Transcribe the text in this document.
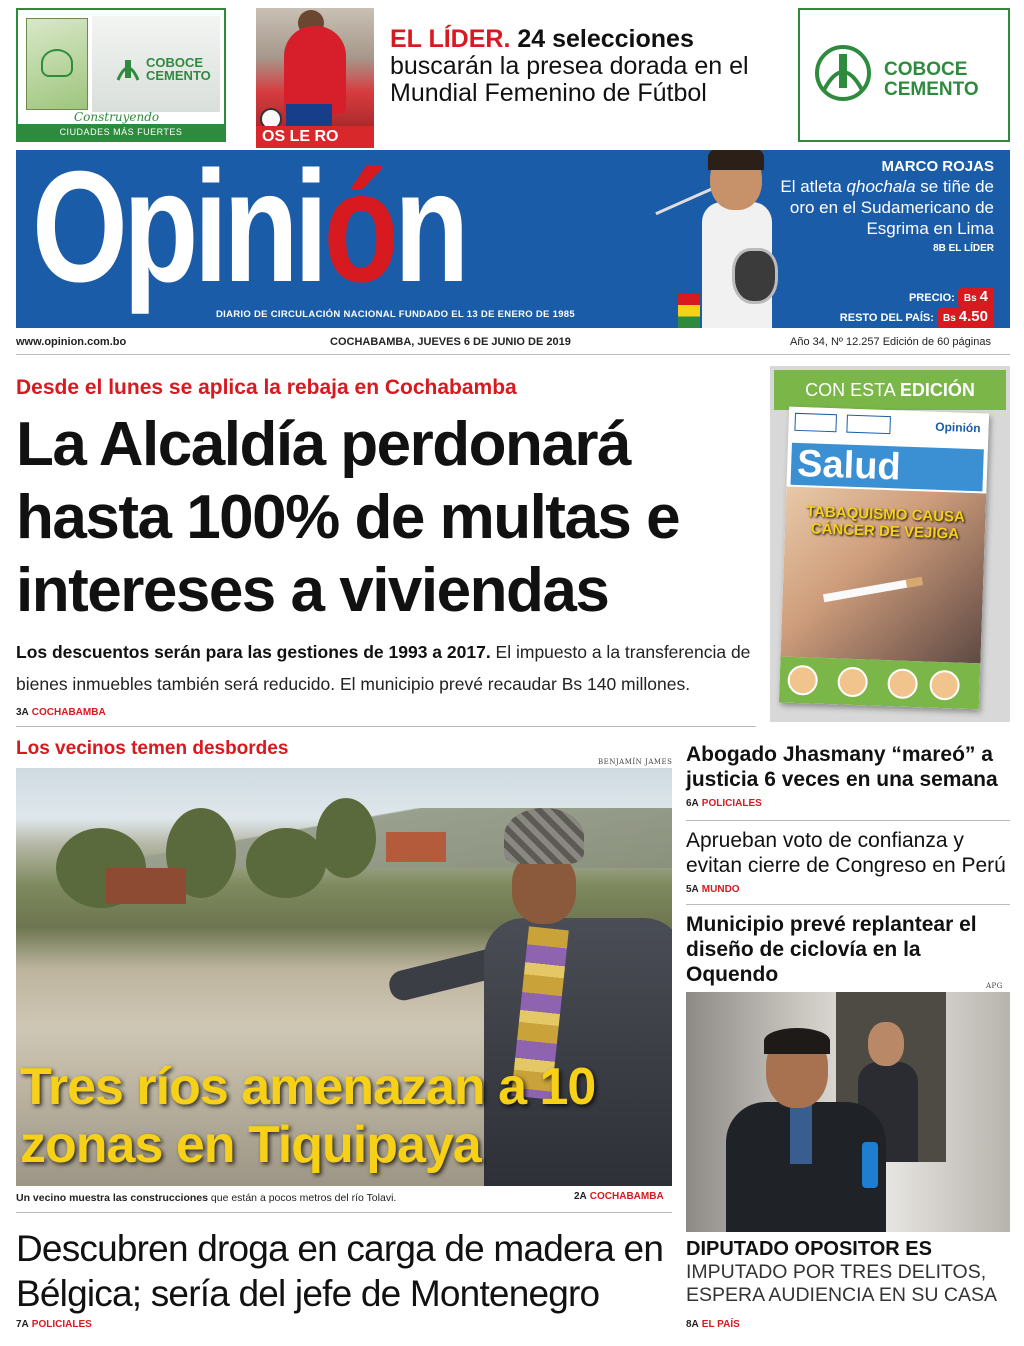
COBOCE
CEMENTO
Construyendo
CIUDADES MÁS FUERTES	OS LE RO
EL LÍDER. 24 selecciones buscarán la presea dorada en el Mundial Femenino de Fútbol
COBOCE
CEMENTO
Opinión
DIARIO DE CIRCULACIÓN NACIONAL FUNDADO EL 13 DE ENERO DE 1985
MARCO ROJAS
El atleta qhochala se tiñe de oro en el Sudamericano de Esgrima en Lima
8B EL LÍDER
PRECIO: Bs 4
RESTO DEL PAÍS: Bs 4.50
www.opinion.com.bo	COCHABAMBA, JUEVES 6 DE JUNIO DE 2019	Año 34, Nº 12.257 Edición de 60 páginas
Desde el lunes se aplica la rebaja en Cochabamba
La Alcaldía perdonará hasta 100% de multas e intereses a viviendas
Los descuentos serán para las gestiones de 1993 a 2017. El impuesto a la transferencia de bienes inmuebles también será reducido. El municipio prevé recaudar Bs 140 millones.
3A COCHABAMBA
CON ESTA EDICIÓN
Opinión
Salud
TABAQUISMO CAUSA CÁNCER DE VEJIGA
Los vecinos temen desbordes
BENJAMÍN JAMES
Tres ríos amenazan a 10 zonas en Tiquipaya
Un vecino muestra las construcciones que están a pocos metros del río Tolavi.	2A COCHABAMBA
Descubren droga en carga de madera en Bélgica; sería del jefe de Montenegro
7A POLICIALES
Abogado Jhasmany “mareó” a justicia 6 veces en una semana
6A POLICIALES
Aprueban voto de confianza y evitan cierre de Congreso en Perú
5A MUNDO
Municipio prevé replantear el diseño de ciclovía en la Oquendo	APG
DIPUTADO OPOSITOR ES
IMPUTADO POR TRES DELITOS, ESPERA AUDIENCIA EN SU CASA
8A EL PAÍS
